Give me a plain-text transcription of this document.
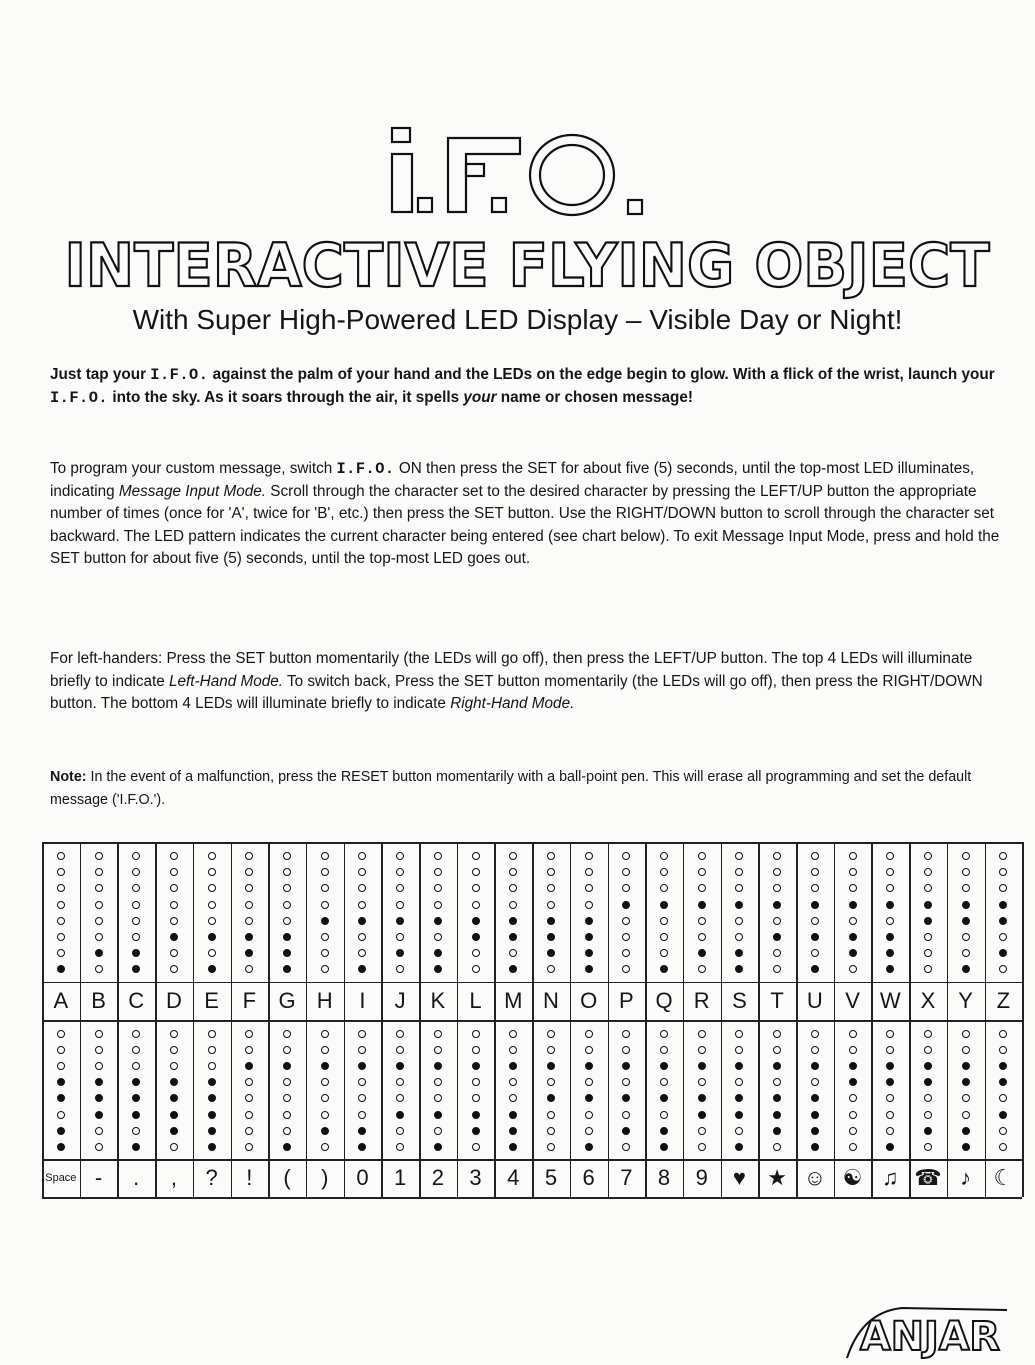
INTERACTIVE FLYING OBJECT
With Super High-Powered LED Display – Visible Day or Night!

Just tap your I.F.O. against the palm of your hand and the LEDs on the edge begin to glow. With a flick of the wrist, launch your I.F.O. into the sky. As it soars through the air, it spells your name or chosen message!

To program your custom message, switch I.F.O. ON then press the SET for about five (5) seconds, until the top-most LED illuminates, indicating Message Input Mode. Scroll through the character set to the desired character by pressing the LEFT/UP button the appropriate number of times (once for 'A', twice for 'B', etc.) then press the SET button. Use the RIGHT/DOWN button to scroll through the character set backward. The LED pattern indicates the current character being entered (see chart below). To exit Message Input Mode, press and hold the SET button for about five (5) seconds, until the top-most LED goes out.

For left-handers: Press the SET button momentarily (the LEDs will go off), then press the LEFT/UP button. The top 4 LEDs will illuminate briefly to indicate Left-Hand Mode. To switch back, Press the SET button momentarily (the LEDs will go off), then press the RIGHT/DOWN button. The bottom 4 LEDs will illuminate briefly to indicate Right-Hand Mode.

Note: In the event of a malfunction, press the RESET button momentarily with a ball-point pen. This will erase all programming and set the default message ('I.F.O.').

A	B	C D	E	F	G H	I	J	K	L	M N O P Q R	S	T	U	V W X	Y	Z
Space -	.	,	?	!	(	)	0	1	2	3	4	5	6	7	8	9	♥ ★ ☺ ☯ ♫ ☎ ♪	☾
ANJAR
